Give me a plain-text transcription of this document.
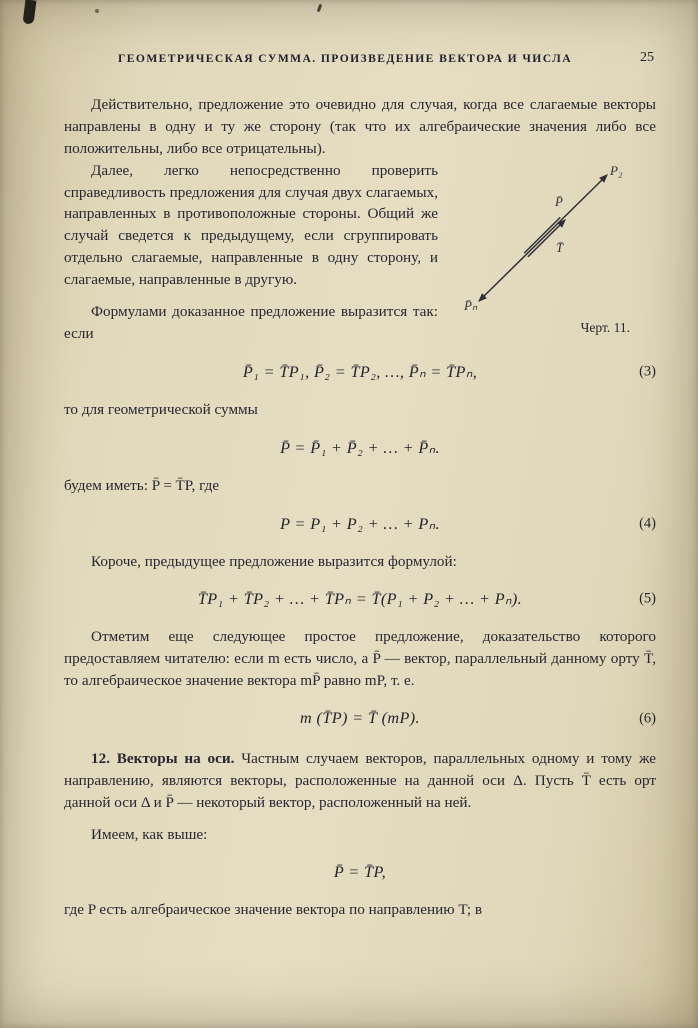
ГЕОМЕТРИЧЕСКАЯ СУММА. ПРОИЗВЕДЕНИЕ ВЕКТОРА И ЧИСЛА	25

Действительно, предложение это очевидно для случая, когда все слагаемые векторы направлены в одну и ту же сторону (так что их алгебраические значения либо все положительны, либо все отрицательны).

P₂
P̄
T̄
P̄ₙ
Черт. 11.

Далее, легко непосредственно проверить справедливость предложения для случая двух слагаемых, направленных в противоположные стороны. Общий же случай сведется к предыдущему, если сгруппировать отдельно слагаемые, направленные в одну сторону, и слагаемые, направленные в другую.

Формулами доказанное предложение выразится так: если

P̄₁ = T̄P₁, P̄₂ = T̄P₂, …, P̄ₙ = T̄Pₙ,	(3)

то для геометрической суммы

P̄ = P̄₁ + P̄₂ + … + P̄ₙ.

будем иметь: P̄ = T̄P, где

P = P₁ + P₂ + … + Pₙ.	(4)

Короче, предыдущее предложение выразится формулой:

T̄P₁ + T̄P₂ + … + T̄Pₙ = T̄(P₁ + P₂ + … + Pₙ).	(5)

Отметим еще следующее простое предложение, доказательство которого предоставляем читателю: если m есть число, а P̄ — вектор, параллельный данному орту T̄, то алгебраическое значение вектора mP̄ равно mP, т. е.

m (T̄P) = T̄ (mP).	(6)

12. Векторы на оси. Частным случаем векторов, параллельных одному и тому же направлению, являются векторы, расположенные на данной оси Δ. Пусть T̄ есть орт данной оси Δ и P̄ — некоторый вектор, расположенный на ней.

Имеем, как выше:

P̄ = T̄P,

где P есть алгебраическое значение вектора по направлению T; в
